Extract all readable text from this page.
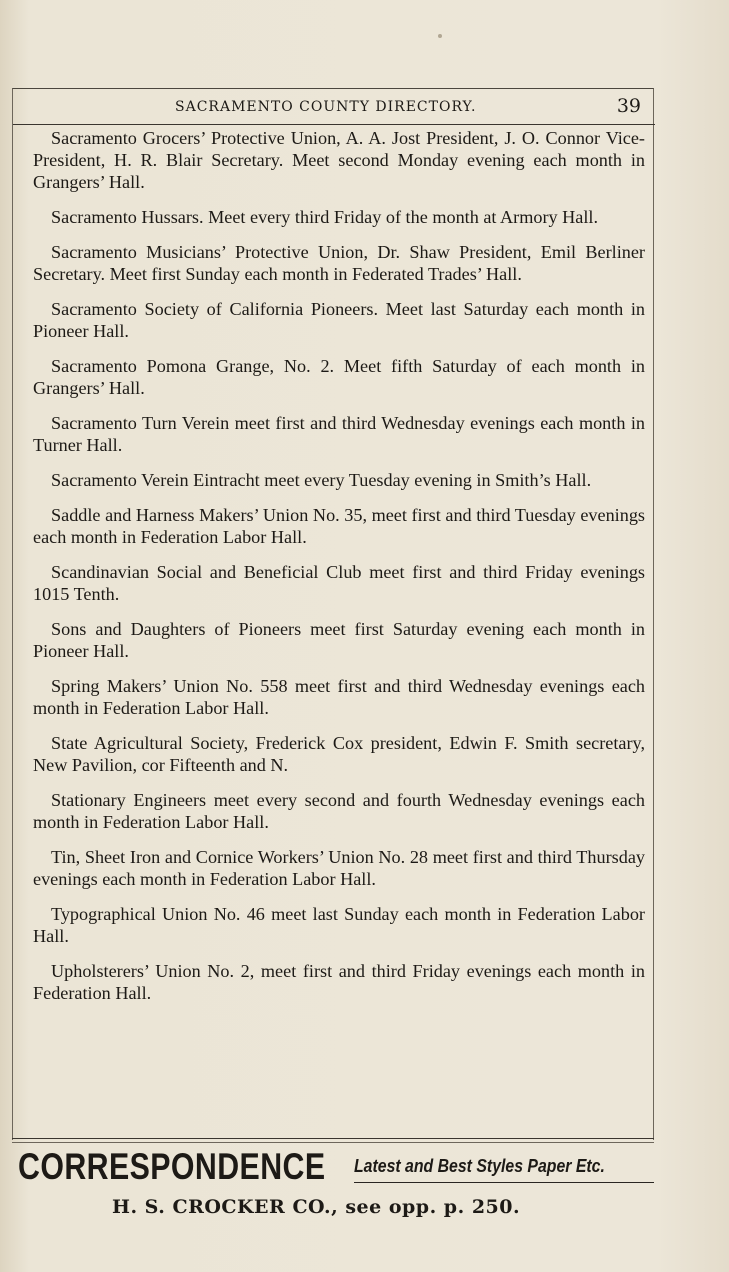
SACRAMENTO COUNTY DIRECTORY.	39

Sacramento Grocers’ Protective Union, A. A. Jost President, J. O. Connor Vice-President, H. R. Blair Secretary. Meet second Monday evening each month in Grangers’ Hall.

Sacramento Hussars. Meet every third Friday of the month at Armory Hall.

Sacramento Musicians’ Protective Union, Dr. Shaw President, Emil Berliner Secretary. Meet first Sunday each month in Federated Trades’ Hall.

Sacramento Society of California Pioneers. Meet last Saturday each month in Pioneer Hall.

Sacramento Pomona Grange, No. 2. Meet fifth Saturday of each month in Grangers’ Hall.

Sacramento Turn Verein meet first and third Wednesday evenings each month in Turner Hall.

Sacramento Verein Eintracht meet every Tuesday evening in Smith’s Hall.

Saddle and Harness Makers’ Union No. 35, meet first and third Tuesday evenings each month in Federation Labor Hall.

Scandinavian Social and Beneficial Club meet first and third Friday evenings 1015 Tenth.

Sons and Daughters of Pioneers meet first Saturday evening each month in Pioneer Hall.

Spring Makers’ Union No. 558 meet first and third Wednesday evenings each month in Federation Labor Hall.

State Agricultural Society, Frederick Cox president, Edwin F. Smith secretary, New Pavilion, cor Fifteenth and N.

Stationary Engineers meet every second and fourth Wednesday evenings each month in Federation Labor Hall.

Tin, Sheet Iron and Cornice Workers’ Union No. 28 meet first and third Thursday evenings each month in Federation Labor Hall.

Typographical Union No. 46 meet last Sunday each month in Federation Labor Hall.

Upholsterers’ Union No. 2, meet first and third Friday evenings each month in Federation Hall.

CORRESPONDENCE Latest and Best Styles Paper Etc.
H. S. CROCKER CO., see opp. p. 250.
